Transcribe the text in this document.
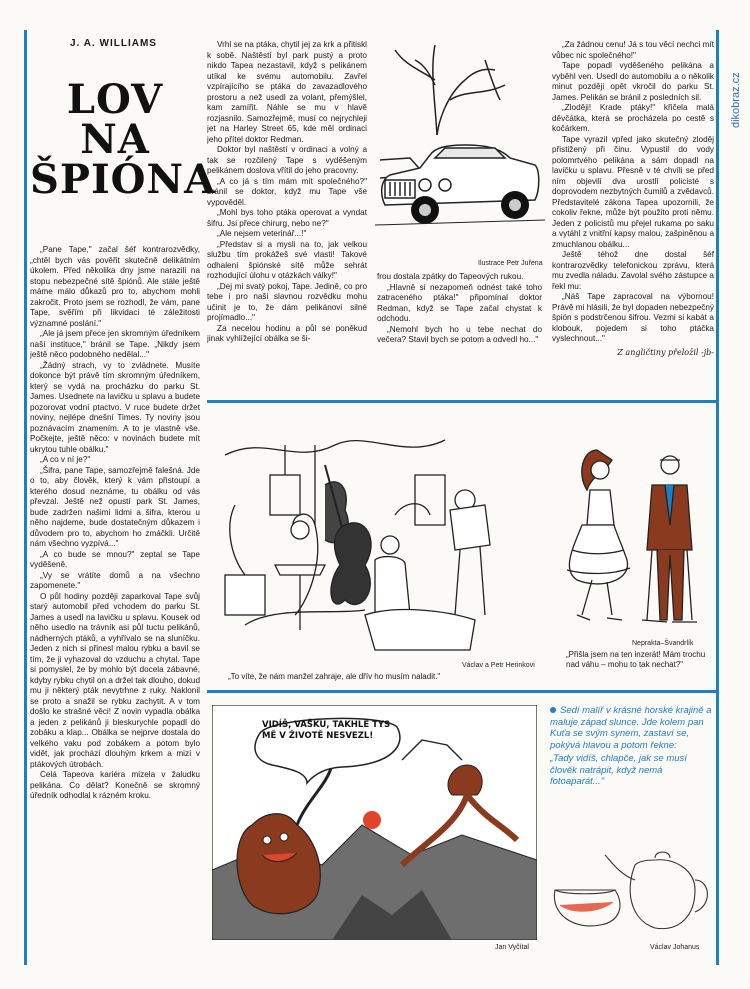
dikobraz.cz
J. A. WILLIAMS
LOV
NA
ŠPIÓNA

„Pane Tape," začal šéf kontrarozvědky, „chtěl bych vás pověřit skutečně delikátním úkolem. Před několika dny jsme narazili na stopu nebezpečné sítě špiónů. Ale stále ještě máme málo důkazů pro to, abychom mohli zakročit. Proto jsem se rozhodl, že vám, pane Tape, svěřím při likvidaci té záležitosti významné poslání."

„Ale já jsem přece jen skromným úředníkem naší instituce," bránil se Tape. „Nikdy jsem ještě něco podobného nedělal..."

„Žádný strach, vy to zvládnete. Musíte dokonce být právě tím skromným úředníkem, který se vydá na procházku do parku St. James. Usednete na lavičku u splavu a budete pozorovat vodní ptactvo. V ruce budete držet noviny, nejlépe dnešní Times. Ty noviny jsou poznávacím znamením. A to je vlastně vše. Počkejte, ještě něco: v novinách budete mít ukrytou tuhle obálku."

„A co v ní je?"

„Šifra, pane Tape, samozřejmě falešná. Jde o to, aby člověk, který k vám přistoupí a kterého dosud neznáme, tu obálku od vás převzal. Ještě než opustí park St. James, bude zadržen našimi lidmi a šifra, kterou u něho najdeme, bude dostatečným důkazem i důvodem pro to, abychom ho zmáčkli. Určitě nám všechno vyzpívá..."

„A co bude se mnou?" zeptal se Tape vyděšeně.

„Vy se vrátíte domů a na všechno zapomenete."

O půl hodiny později zaparkoval Tape svůj starý automobil před vchodem do parku St. James a usedl na lavičku u splavu. Kousek od něho usedlo na trávník asi půl tuctu pelikánů, nádherných ptáků, a vyhřívalo se na sluníčku. Jeden z nich si přinesl malou rybku a bavil se tím, že ji vyhazoval do vzduchu a chytal. Tape si pomyslel, že by mohlo být docela zábavné, kdyby rybku chytil on a držel tak dlouho, dokud mu ji některý pták nevytrhne z ruky. Naklonil se proto a snažil se rybku zachytit. A v tom došlo ke strašné věci! Z novin vypadla obálka a jeden z pelikánů ji bleskurychle popadl do zobáku a klap... Obálka se nejprve dostala do velkého vaku pod zobákem a potom bylo vidět, jak prochází dlouhým krkem a mizí v ptákových útrobách.

Celá Tapeova kariéra mizela v žaludku pelikána. Co dělat? Konečně se skromný úředník odhodlal k rázném kroku.

Vrhl se na ptáka, chytil jej za krk a přitiskl k sobě. Naštěstí byl park pustý a proto nikdo Tapea nezastavil, když s pelikánem utíkal ke svému automobilu. Zavřel vzpírajícího se ptáka do zavazadlového prostoru a než usedl za volant, přemýšlel, kam zamířit. Náhle se mu v hlavě rozjasnilo. Samozřejmě, musí co nejrychleji jet na Harley Street 65, kde měl ordinaci jeho přítel doktor Redman.

Doktor byl naštěstí v ordinaci a volný a tak se rozčilený Tape s vyděšeným pelikánem doslova vřítil do jeho pracovny.

„A co já s tím mám mít společného?" bránil se doktor, když mu Tape vše vypověděl.

„Mohl bys toho ptáka operovat a vyndat šifru. Jsi přece chirurg, nebo ne?"

„Ale nejsem veterinář...!"

„Představ si a mysli na to, jak velkou službu tím prokážeš své vlasti! Takové odhalení špiónské sítě může sehrát rozhodující úlohu v otázkách války!"

„Dej mi svatý pokoj, Tape. Jedině, co pro tebe i pro naši slavnou rozvědku mohu učinit je to, že dám pelikánovi silné projímadlo..."

Za necelou hodinu a půl se poněkud jinak vyhlížející obálka se ši-

Ilustrace Petr Juřena

frou dostala zpátky do Tapeových rukou.

„Hlavně si nezapomeň odnést také toho zatraceného ptáka!" připomínal doktor Redman, když se Tape začal chystat k odchodu.

„Nemohl bych ho u tebe nechat do večera? Stavil bych se potom a odvedl ho..."

„Za žádnou cenu! Já s tou věcí nechci mít vůbec nic společného!"

Tape popadl vyděšeného pelikána a vyběhl ven. Usedl do automobilu a o několik minut později opět vkročil do parku St. James. Pelikán se bránil z posledních sil.

„Zloději! Krade ptáky!" křičela malá děvčátka, která se procházela po cestě s kočárkem.

Tape vyrazil vpřed jako skutečný zloděj přistižený při činu. Vypustil do vody polomrtvého pelikána a sám dopadl na lavičku u splavu. Přesně v té chvíli se před ním objevili dva urostlí policisté s doprovodem nezbytných čumilů a zvědavců. Představitelé zákona Tapea upozornili, že cokoliv řekne, může být použito proti němu. Jeden z policistů mu přejel rukama po saku a vytáhl z vnitřní kapsy malou, zašpiněnou a zmuchlanou obálku...

Ještě téhož dne dostal šéf kontrarozvědky telefonickou zprávu, která mu zvedla náladu. Zavolal svého zástupce a řekl mu:

„Náš Tape zapracoval na výbornou! Právě mi hlásili, že byl dopaden nebezpečný špión s podstrčenou šifrou. Vezmi si kabát a klobouk, pojedem si toho ptáčka vyslechnout..."

Z angličtiny přeložil -jb-
Václav a Petr Herinkovi
„To víte, že nám manžel zahraje, ale dřív ho musím naladit."
Neprakta–Švandrlík
„Přišla jsem na ten inzerát! Mám trochu nad váhu – mohu to tak nechat?"
VIDÍŠ, VAŠKU, TAKHLE TYS MĚ V ŽIVOTĚ NESVEZL!
Jan Vyčítal
Sedí malíř v krásné horské krajině a maluje západ slunce. Jde kolem pan Kuťa se svým synem, zastaví se, pokývá hlavou a potom řekne:
„Tady vidíš, chlapče, jak se musí člověk natrápit, když nemá fotoaparát..."
Václav Johanus
